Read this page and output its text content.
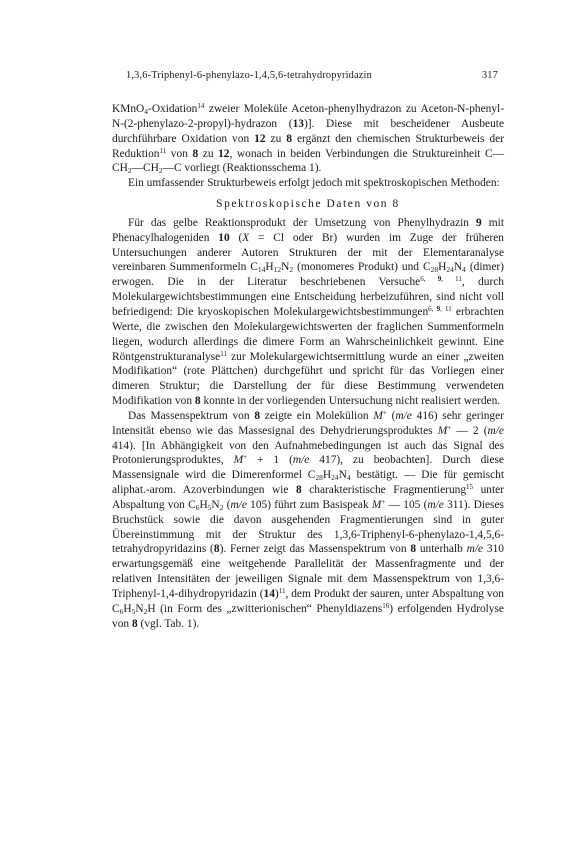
1,3,6-Triphenyl-6-phenylazo-1,4,5,6-tetrahydropyridazin	317

KMnO$_4$-Oxidation$^{14}$ zweier Moleküle Aceton-phenylhydrazon zu Aceton-N-phenyl-N-(2-phenylazo-2-propyl)-hydrazon (13)]. Diese mit bescheidener Ausbeute durchführbare Oxidation von 12 zu 8 ergänzt den chemischen Strukturbeweis der Reduktion$^{11}$ von 8 zu 12, wonach in beiden Verbindungen die Struktureinheit $C—CH_2—CH_2—C$ vorliegt (Reaktionsschema 1).

Ein umfassender Strukturbeweis erfolgt jedoch mit spektroskopischen Methoden:

Spektroskopische Daten von 8

Für das gelbe Reaktionsprodukt der Umsetzung von Phenylhydrazin 9 mit Phenacylhalogeniden 10 (X = Cl oder Br) wurden im Zuge der früheren Untersuchungen anderer Autoren Strukturen der mit der Elementaranalyse vereinbaren Summenformeln $C_{14}H_{12}N_2$ (monomeres Produkt) und $C_{28}H_{24}N_4$ (dimer) erwogen. Die in der Literatur beschriebenen Versuche$^{6, 9, 11}$, durch Molekulargewichtsbestimmungen eine Entscheidung herbeizuführen, sind nicht voll befriedigend: Die kryoskopischen Molekulargewichtsbestimmungen$^{6, 9, 11}$ erbrachten Werte, die zwischen den Molekulargewichtswerten der fraglichen Summenformeln liegen, wodurch allerdings die dimere Form an Wahrscheinlichkeit gewinnt. Eine Röntgenstrukturanalyse$^{11}$ zur Molekulargewichtsermittlung wurde an einer „zweiten Modifikation“ (rote Plättchen) durchgeführt und spricht für das Vorliegen einer dimeren Struktur; die Darstellung der für diese Bestimmung verwendeten Modifikation von 8 konnte in der vorliegenden Untersuchung nicht realisiert werden.

Das Massenspektrum von 8 zeigte ein Molekülion M+ (m/e 416) sehr geringer Intensität ebenso wie das Massesignal des Dehydrierungsproduktes M+ — 2 (m/e 414). [In Abhängigkeit von den Aufnahmebedingungen ist auch das Signal des Protonierungsproduktes, M+ + 1 (m/e 417), zu beobachten]. Durch diese Massensignale wird die Dimerenformel $C_{28}H_{24}N_4$ bestätigt. — Die für gemischt aliphat.-arom. Azoverbindungen wie 8 charakteristische Fragmentierung$^{15}$ unter Abspaltung von $C_6H_5N_2$ (m/e 105) führt zum Basispeak M+ — 105 (m/e 311). Dieses Bruchstück sowie die davon ausgehenden Fragmentierungen sind in guter Übereinstimmung mit der Struktur des 1,3,6-Triphenyl-6-phenylazo-1,4,5,6-tetrahydropyridazins (8). Ferner zeigt das Massenspektrum von 8 unterhalb m/e 310 erwartungsgemäß eine weitgehende Parallelität der Massenfragmente und der relativen Intensitäten der jeweiligen Signale mit dem Massenspektrum von 1,3,6-Triphenyl-1,4-dihydropyridazin $(14)^{11}$, dem Produkt der sauren, unter Abspaltung von $C_6H_5N_2H$ (in Form des „zwitterionischen“ Phenyldiazens$^{16}$) erfolgenden Hydrolyse von 8 (vgl. Tab. 1).
